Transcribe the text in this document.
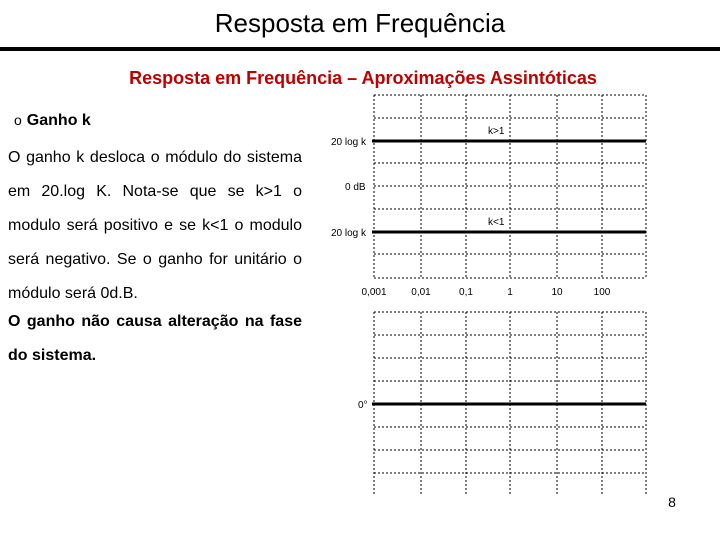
Resposta em Frequência
Resposta em Frequência – Aproximações Assintóticas
o Ganho k
O ganho k desloca o módulo do sistema em 20.log K. Nota-se que se k>1 o modulo será positivo e se k<1 o modulo será negativo. Se o ganho for unitário o módulo será 0d.B.
O ganho não causa alteração na fase do sistema.
20 log k
0 dB
20 log k
k>1
k<1
0,001 0,01	0,1	1	10	100
0°
8
